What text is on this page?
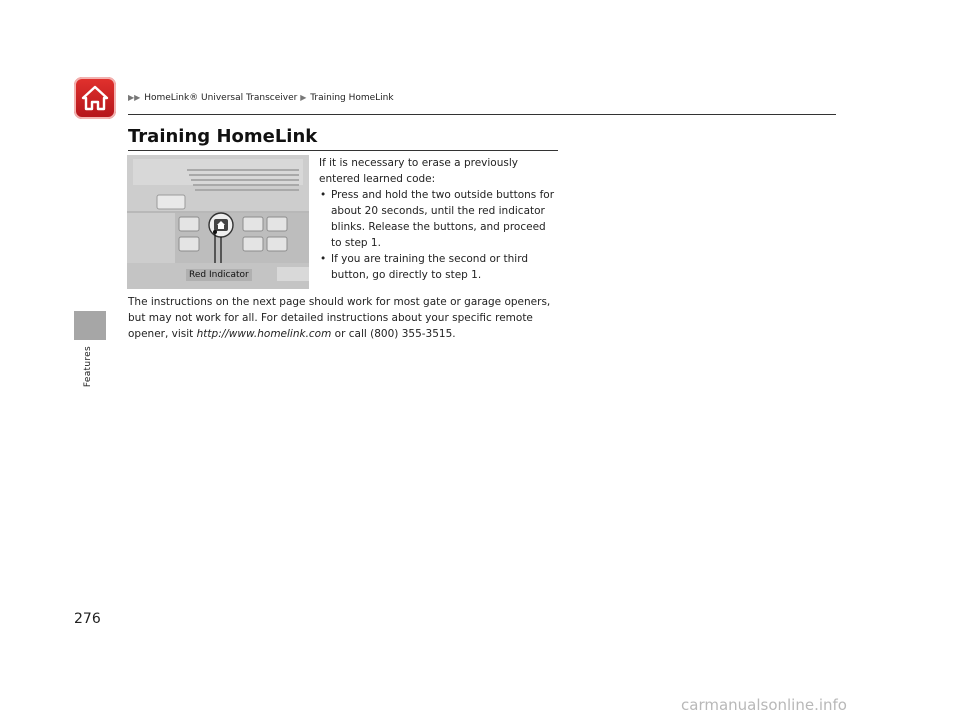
▶▶ HomeLink® Universal Transceiver ▶ Training HomeLink
Features
Training HomeLink
Red Indicator

If it is necessary to erase a previously entered learned code:

• Press and hold the two outside buttons for about 20 seconds, until the red indicator blinks. Release the buttons, and proceed to step 1.
• If you are training the second or third button, go directly to step 1.
The instructions on the next page should work for most gate or garage openers, but may not work for all. For detailed instructions about your specific remote opener, visit http://www.homelink.com or call (800) 355-3515.
276
carmanualsonline.info
